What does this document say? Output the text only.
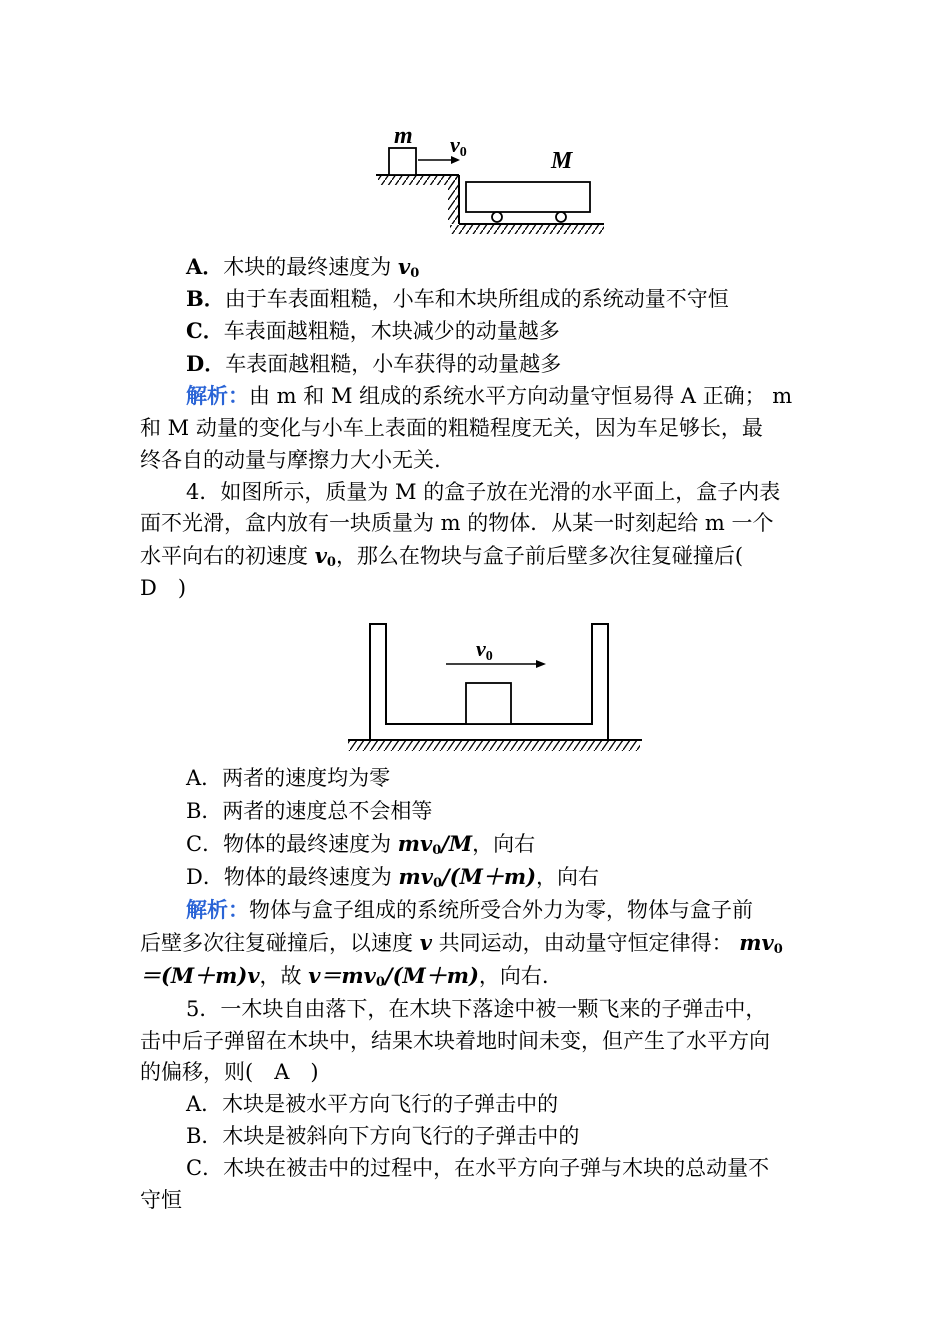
m v0	M
A．木块的最终速度为 $v_0$
B．由于车表面粗糙，小车和木块所组成的系统动量不守恒
C．车表面越粗糙，木块减少的动量越多
D．车表面越粗糙，小车获得的动量越多
解析：由 m 和 M 组成的系统水平方向动量守恒易得 A 正确； m
和 M 动量的变化与小车上表面的粗糙程度无关，因为车足够长，最
终各自的动量与摩擦力大小无关.
4．如图所示，质量为 M 的盒子放在光滑的水平面上，盒子内表
面不光滑，盒内放有一块质量为 m 的物体．从某一时刻起给 m 一个
水平向右的初速度 $v_0$，那么在物块与盒子前后壁多次往复碰撞后(
D　)
v0
A．两者的速度均为零
B．两者的速度总不会相等
C．物体的最终速度为 $mv_0/M$，向右
D．物体的最终速度为 $mv_0/(M+m)$，向右
解析：物体与盒子组成的系统所受合外力为零，物体与盒子前
后壁多次往复碰撞后，以速度 v 共同运动，由动量守恒定律得： $mv_0$
＝(M＋m)v，故 $v=mv_0/(M+m)$，向右.
5．一木块自由落下，在木块下落途中被一颗飞来的子弹击中，
击中后子弹留在木块中，结果木块着地时间未变，但产生了水平方向
的偏移，则(　A　)
A．木块是被水平方向飞行的子弹击中的
B．木块是被斜向下方向飞行的子弹击中的
C．木块在被击中的过程中，在水平方向子弹与木块的总动量不
守恒
